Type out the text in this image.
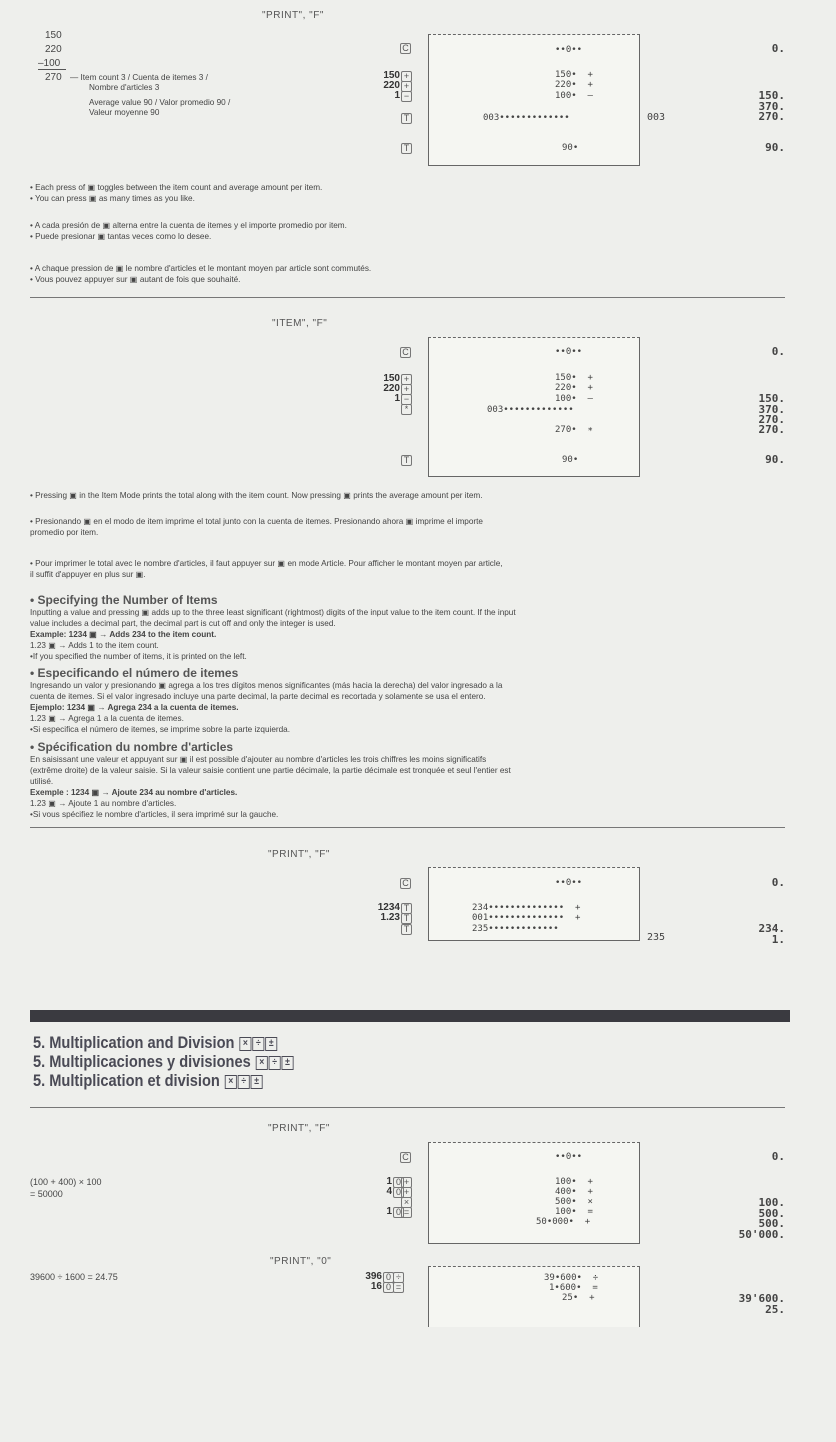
"PRINT", "F"
150
220
–100
270 — Item count 3 / Cuenta de itemes 3 /
Nombre d'articles 3
Average value 90 / Valor promedio 90 /
Valeur moyenne 90
C
150
220
1
+
+
−
T
T
••0••
150•  +
220•  +
100•  –
003•••••••••••••
90•
003
0.

150.
370.
270.

90.
• Each press of ▣ toggles between the item count and average amount per item.
• You can press ▣ as many times as you like.
• A cada presión de ▣ alterna entre la cuenta de itemes y el importe promedio por item.
• Puede presionar ▣ tantas veces como lo desee.
• A chaque pression de ▣ le nombre d'articles et le montant moyen par article sont commutés.
• Vous pouvez appuyer sur ▣ autant de fois que souhaité.
"ITEM", "F"
C
150
220
1
+
+
−
*
T
••0••
150•  +
220•  +
100•  –
003•••••••••••••
270•  ∗
90•
0.

150.
370.
270.

270.
90.
• Pressing ▣ in the Item Mode prints the total along with the item count. Now pressing ▣ prints the average amount per item.
• Presionando ▣ en el modo de item imprime el total junto con la cuenta de itemes. Presionando ahora ▣ imprime el importe
promedio por item.
• Pour imprimer le total avec le nombre d'articles, il faut appuyer sur ▣ en mode Article. Pour afficher le montant moyen par article,
il suffit d'appuyer en plus sur ▣.
• Specifying the Number of Items
Inputting a value and pressing ▣ adds up to the three least significant (rightmost) digits of the input value to the item count. If the input
value includes a decimal part, the decimal part is cut off and only the integer is used.
Example: 1234 ▣ → Adds 234 to the item count.
1.23 ▣ → Adds 1 to the item count.
•If you specified the number of items, it is printed on the left.
• Especificando el número de itemes
Ingresando un valor y presionando ▣ agrega a los tres dígitos menos significantes (más hacia la derecha) del valor ingresado a la
cuenta de itemes. Si el valor ingresado incluye una parte decimal, la parte decimal es recortada y solamente se usa el entero.
Ejemplo: 1234 ▣ → Agrega 234 a la cuenta de itemes.
1.23 ▣ → Agrega 1 a la cuenta de itemes.
•Si especifica el número de itemes, se imprime sobre la parte izquierda.
• Spécification du nombre d'articles
En saisissant une valeur et appuyant sur ▣ il est possible d'ajouter au nombre d'articles les trois chiffres les moins significatifs
(extrême droite) de la valeur saisie. Si la valeur saisie contient une partie décimale, la partie décimale est tronquée et seul l'entier est
utilisé.
Exemple : 1234 ▣ → Ajoute 234 au nombre d'articles.
1.23 ▣ → Ajoute 1 au nombre d'articles.
•Si vous spécifiez le nombre d'articles, il sera imprimé sur la gauche.
"PRINT", "F"
C
1234
1.23
T
T
T
••0••
234••••••••••••••  +
001••••••••••••••  +
235•••••••••••••
235
0.

234.
1.

5. Multiplication and Division × ÷ ±
5. Multiplicaciones y divisiones × ÷ ±
5. Multiplication et division × ÷ ±
"PRINT", "F"
C
(100 + 400) × 100
= 50000
1
4

1
0 +
0 +
×
0 =
••0••
100•  +
400•  +
500•  ×
100•  =
50•000•  +
0.

100.
500.
500.
50'000.

"PRINT", "0"
39600 ÷ 1600 = 24.75	396
16
0 ÷
0 =
39•600•  ÷
1•600•  =
25•  +

	39'600.
25.
